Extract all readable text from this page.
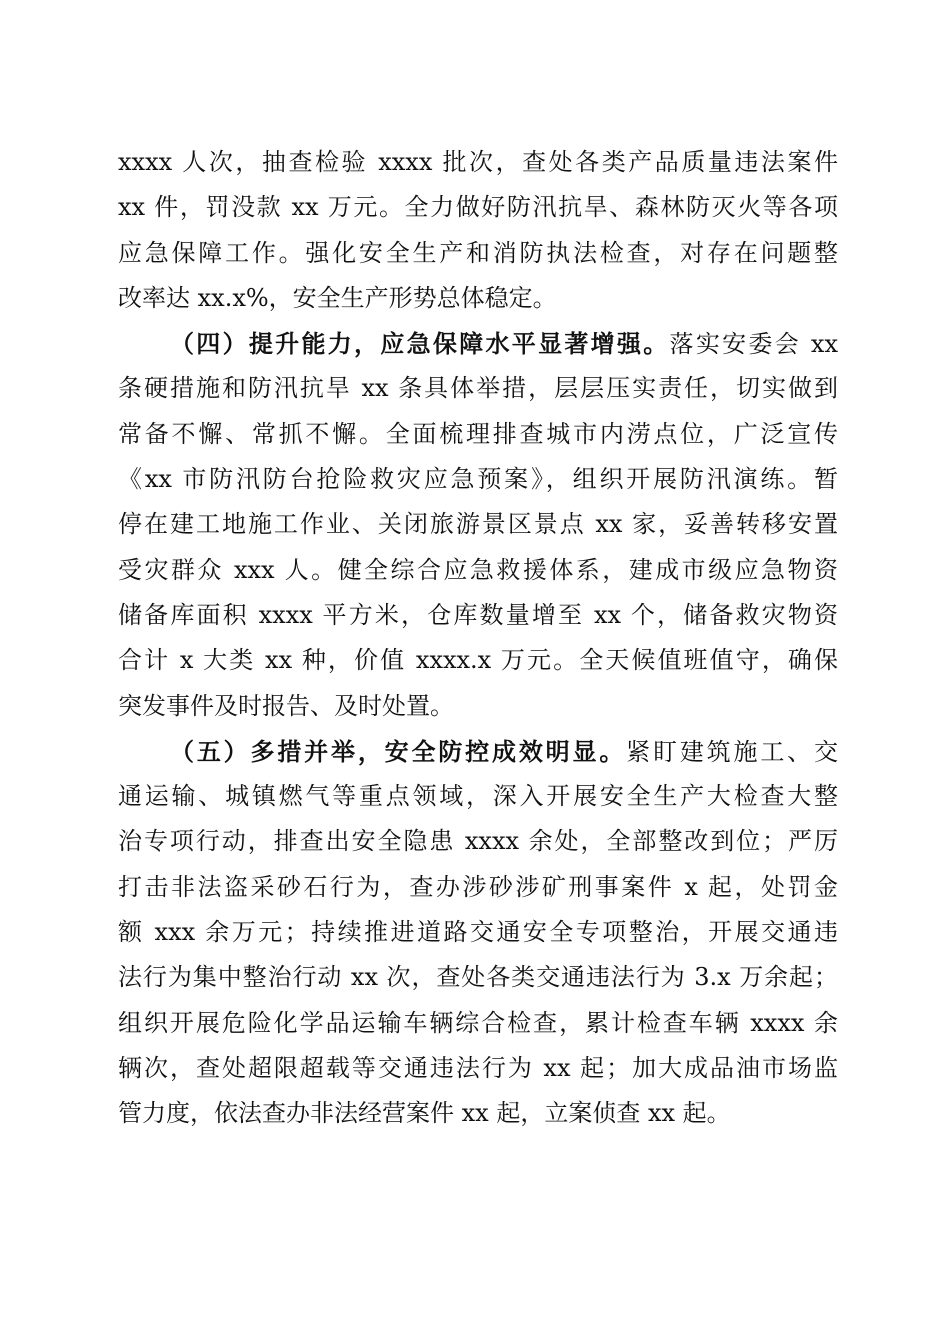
xxxx 人次，抽查检验 xxxx 批次，查处各类产品质量违法案件
xx 件，罚没款 xx 万元。全力做好防汛抗旱、森林防灭火等各项
应急保障工作。强化安全生产和消防执法检查，对存在问题整
改率达 xx.x%，安全生产形势总体稳定。
（四）提升能力，应急保障水平显著增强。落实安委会 xx
条硬措施和防汛抗旱 xx 条具体举措，层层压实责任，切实做到
常备不懈、常抓不懈。全面梳理排查城市内涝点位，广泛宣传
《xx 市防汛防台抢险救灾应急预案》，组织开展防汛演练。暂
停在建工地施工作业、关闭旅游景区景点 xx 家，妥善转移安置
受灾群众 xxx 人。健全综合应急救援体系，建成市级应急物资
储备库面积 xxxx 平方米，仓库数量增至 xx 个，储备救灾物资
合计 x 大类 xx 种，价值 xxxx.x 万元。全天候值班值守，确保
突发事件及时报告、及时处置。
（五）多措并举，安全防控成效明显。紧盯建筑施工、交
通运输、城镇燃气等重点领域，深入开展安全生产大检查大整
治专项行动，排查出安全隐患 xxxx 余处，全部整改到位；严厉
打击非法盗采砂石行为，查办涉砂涉矿刑事案件 x 起，处罚金
额 xxx 余万元；持续推进道路交通安全专项整治，开展交通违
法行为集中整治行动 xx 次，查处各类交通违法行为 3.x 万余起；
组织开展危险化学品运输车辆综合检查，累计检查车辆 xxxx 余
辆次，查处超限超载等交通违法行为 xx 起；加大成品油市场监
管力度，依法查办非法经营案件 xx 起，立案侦查 xx 起。
